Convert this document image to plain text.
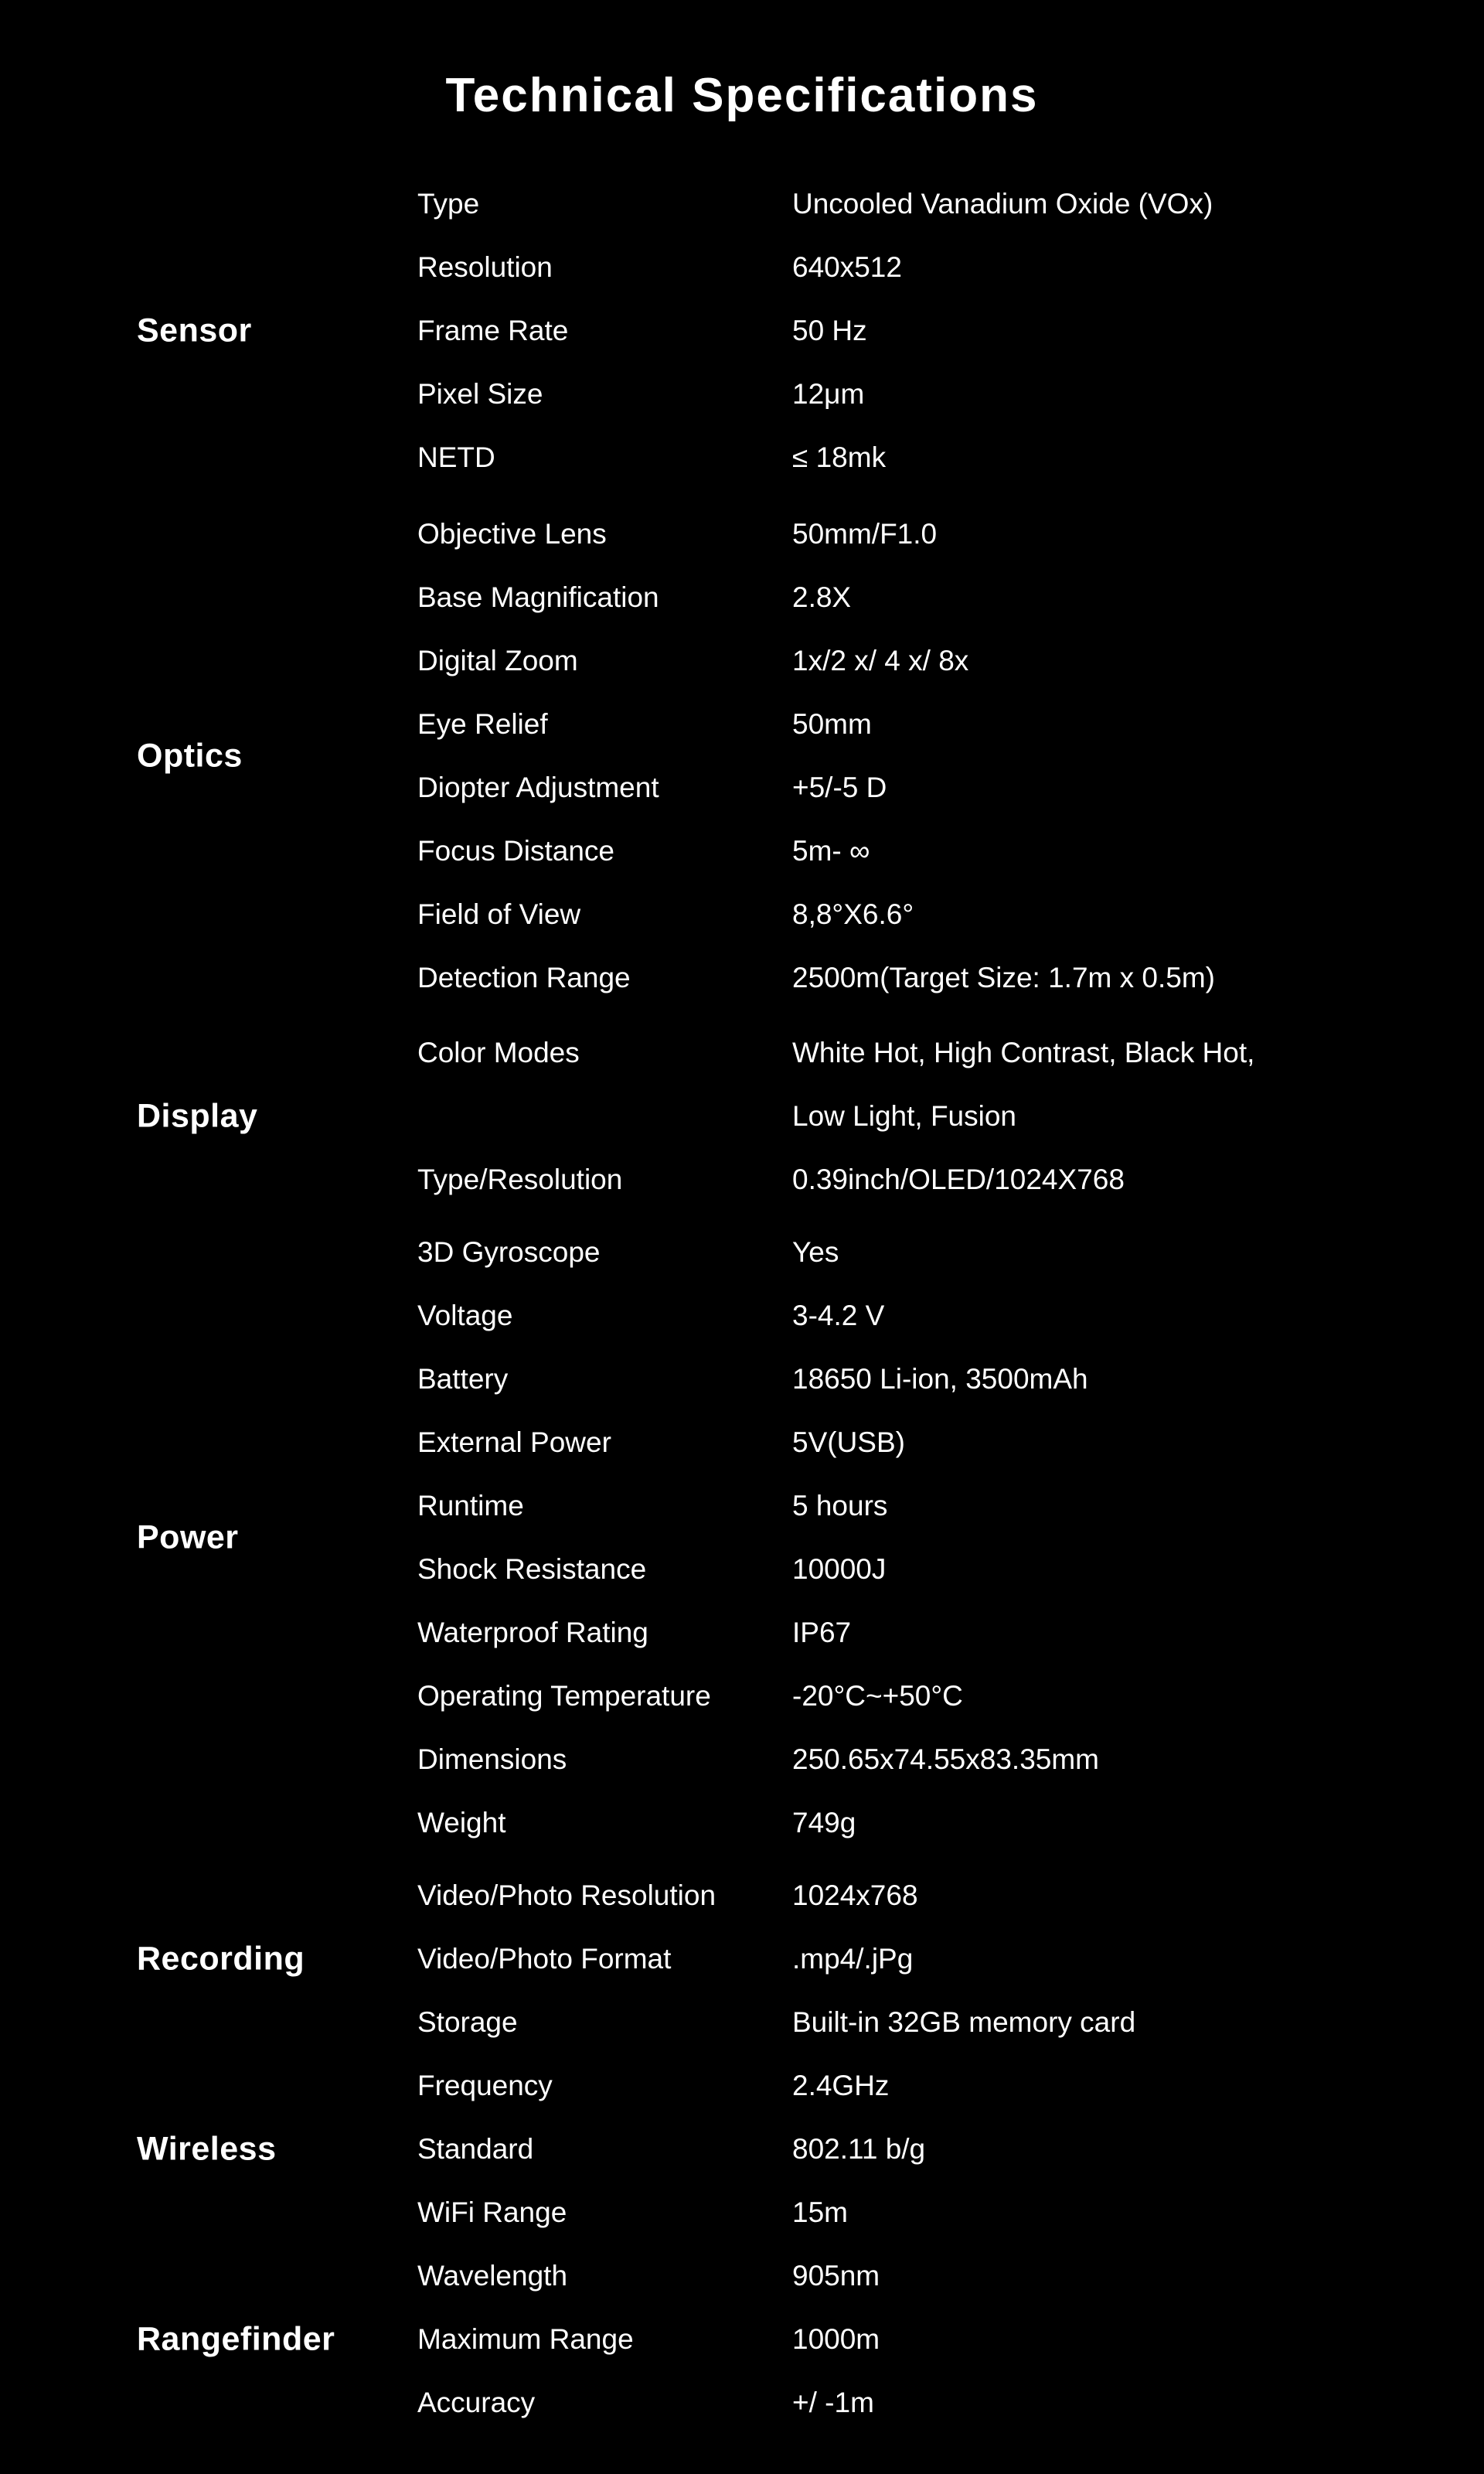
Technical Specifications
Sensor
Type	Uncooled Vanadium Oxide (VOx)
Resolution	640x512
Frame Rate	50 Hz
Pixel Size	12μm
NETD	≤ 18mk
Optics
Objective Lens	50mm/F1.0
Base Magnification	2.8X
Digital Zoom	1x/2 x/ 4 x/ 8x
Eye Relief	50mm
Diopter Adjustment	+5/-5 D
Focus Distance	5m- ∞
Field of View	8,8°X6.6°
Detection Range	2500m(Target Size: 1.7m x 0.5m)
Display
Color Modes	White Hot, High Contrast, Black Hot,
Low Light, Fusion
Type/Resolution	0.39inch/OLED/1024X768
Power
3D Gyroscope	Yes
Voltage	3-4.2 V
Battery	18650 Li-ion, 3500mAh
External Power	5V(USB)
Runtime	5 hours
Shock Resistance	10000J
Waterproof Rating	IP67
Operating Temperature	-20°C~+50°C
Dimensions	250.65x74.55x83.35mm
Weight	749g
Recording
Video/Photo Resolution	1024x768
Video/Photo Format	.mp4/.jPg
Storage	Built-in 32GB memory card
Wireless
Frequency	2.4GHz
Standard	802.11 b/g
WiFi Range	15m
Rangefinder
Wavelength	905nm
Maximum Range	1000m
Accuracy	+/ -1m
